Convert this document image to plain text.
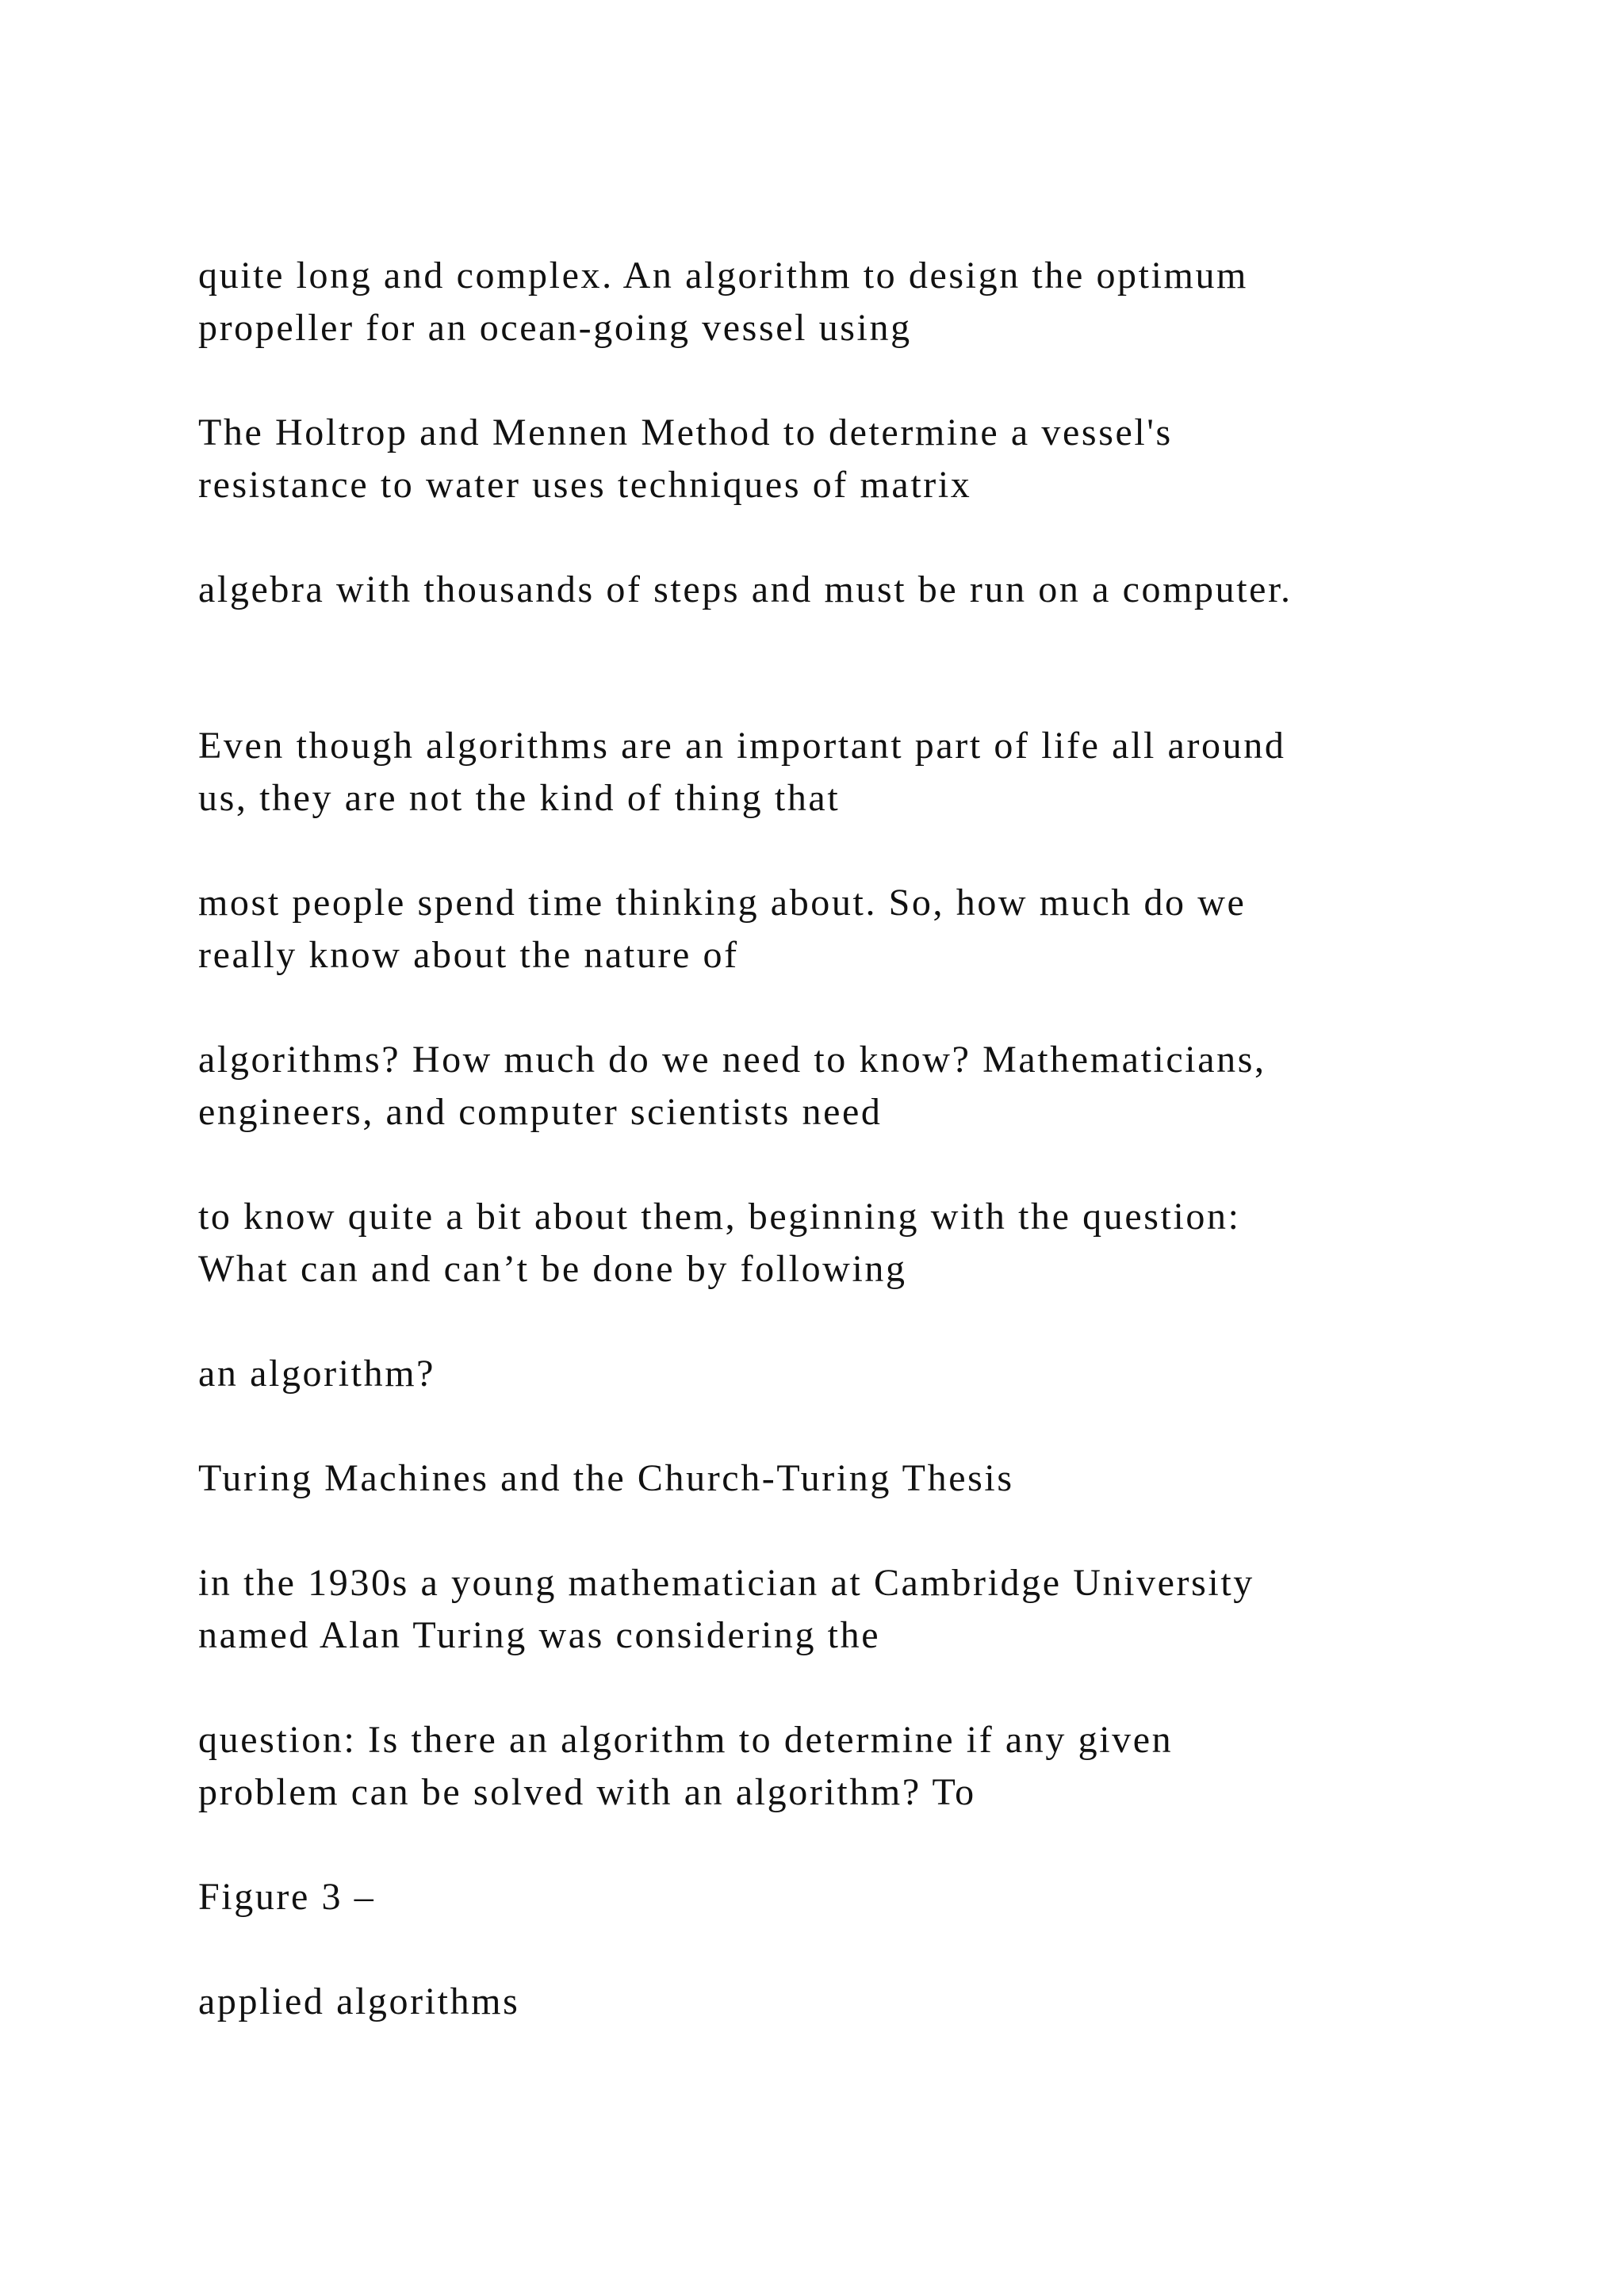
quite long and complex. An algorithm to design the optimum

propeller for an ocean-going vessel using

The Holtrop and Mennen Method to determine a vessel's

resistance to water uses techniques of matrix

algebra with thousands of steps and must be run on a computer.

Even though algorithms are an important part of life all around

us, they are not the kind of thing that

most people spend time thinking about. So, how much do we

really know about the nature of

algorithms? How much do we need to know? Mathematicians,

engineers, and computer scientists need

to know quite a bit about them, beginning with the question:

What can and can’t be done by following

an algorithm?

Turing Machines and the Church-Turing Thesis

in the 1930s a young mathematician at Cambridge University

named Alan Turing was considering the

question: Is there an algorithm to determine if any given

problem can be solved with an algorithm? To

Figure 3 –

applied algorithms
